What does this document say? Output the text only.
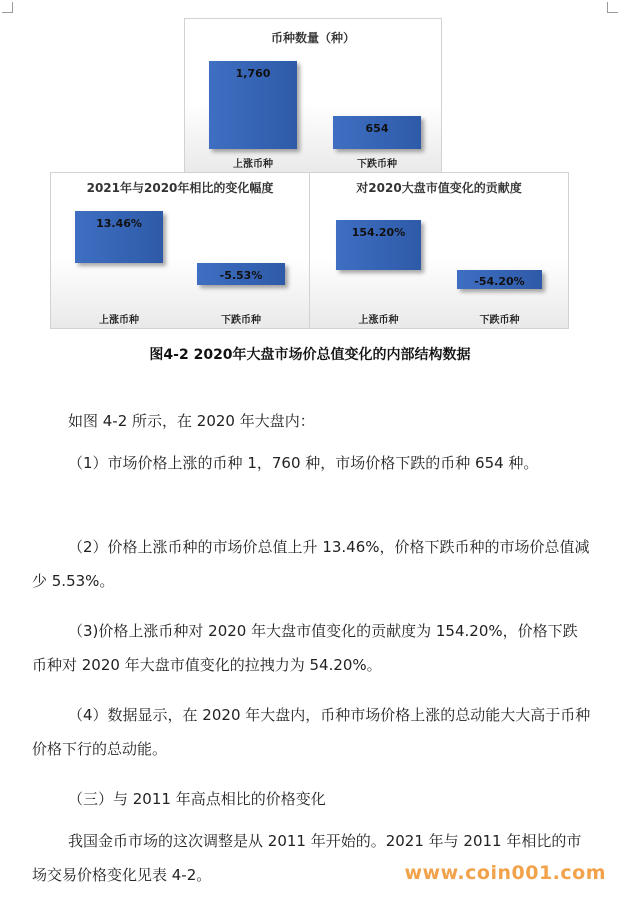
币种数量（种）
1,760
654
上涨币种	下跌币种
2021年与2020年相比的变化幅度
13.46%
-5.53%
上涨币种	下跌币种
对2020大盘市值变化的贡献度
154.20%
-54.20%
上涨币种	下跌币种
图4-2 2020年大盘市场价总值变化的内部结构数据
如图 4-2 所示，在 2020 年大盘内：
（1）市场价格上涨的币种 1，760 种，市场价格下跌的币种 654 种。
（2）价格上涨币种的市场价总值上升 13.46%，价格下跌币种的市场价总值减少 5.53%。
（3)价格上涨币种对 2020 年大盘市值变化的贡献度为 154.20%，价格下跌币种对 2020 年大盘市值变化的拉拽力为 54.20%。
（4）数据显示，在 2020 年大盘内，币种市场价格上涨的总动能大大高于币种价格下行的总动能。
（三）与 2011 年高点相比的价格变化
我国金币市场的这次调整是从 2011 年开始的。2021 年与 2011 年相比的市场交易价格变化见表 4-2。	www.coin001.com
